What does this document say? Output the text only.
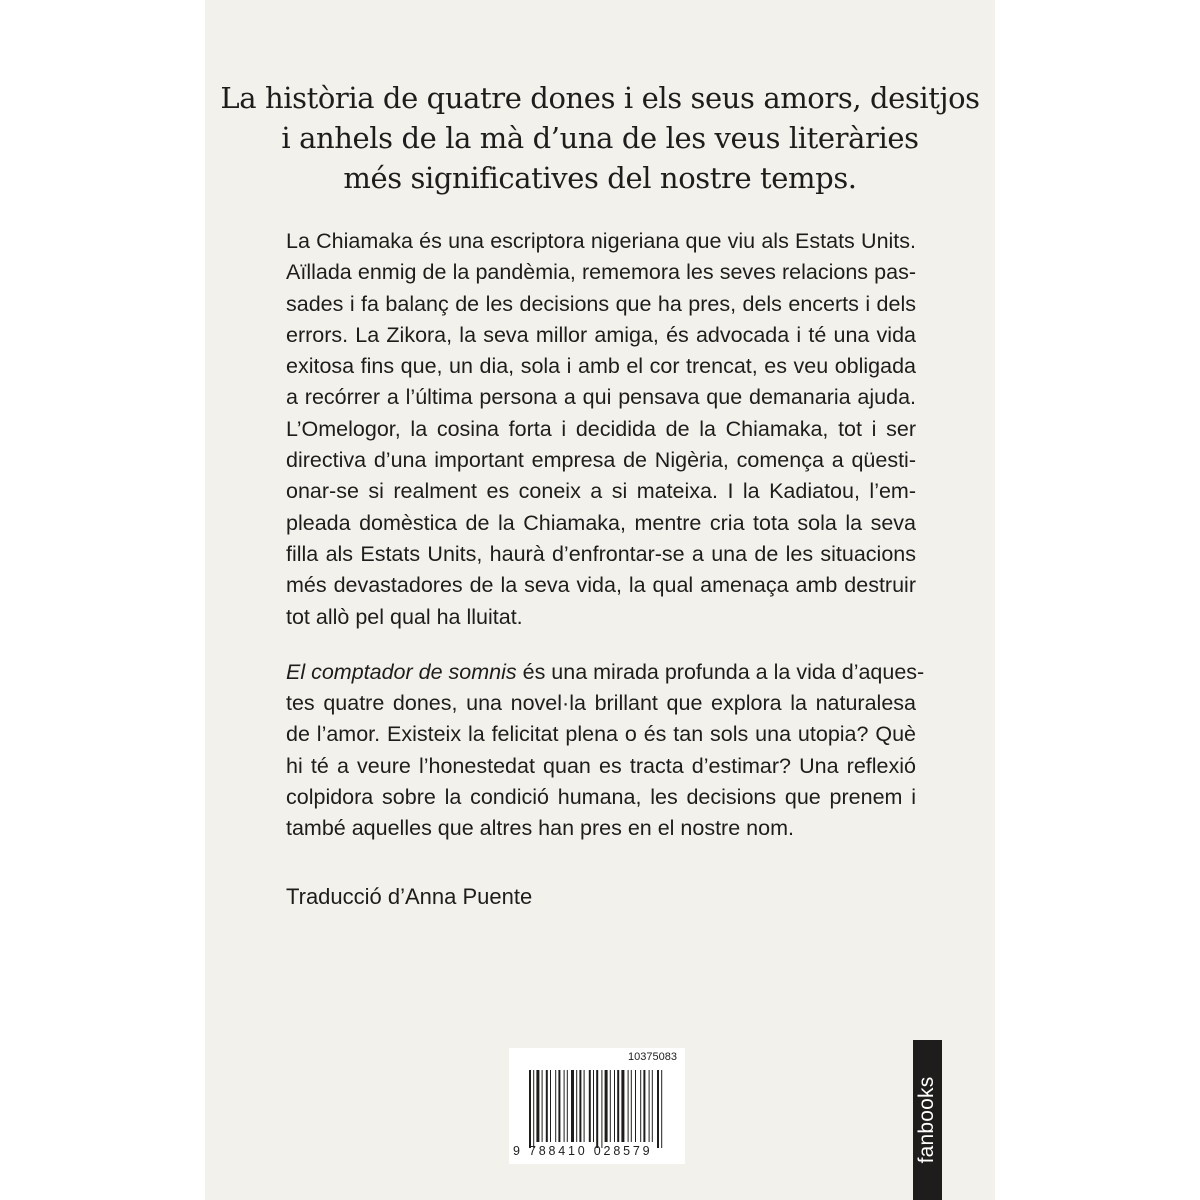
La història de quatre dones i els seus amors, desitjos
i anhels de la mà d’una de les veus literàries
més significatives del nostre temps.
La Chiamaka és una escriptora nigeriana que viu als Estats Units.
Aïllada enmig de la pandèmia, rememora les seves relacions pas-
sades i fa balanç de les decisions que ha pres, dels encerts i dels
errors. La Zikora, la seva millor amiga, és advocada i té una vida
exitosa fins que, un dia, sola i amb el cor trencat, es veu obligada
a recórrer a l’última persona a qui pensava que demanaria ajuda.
L’Omelogor, la cosina forta i decidida de la Chiamaka, tot i ser
directiva d’una important empresa de Nigèria, comença a qüesti-
onar-se si realment es coneix a si mateixa. I la Kadiatou, l’em-
pleada domèstica de la Chiamaka, mentre cria tota sola la seva
filla als Estats Units, haurà d’enfrontar-se a una de les situacions
més devastadores de la seva vida, la qual amenaça amb destruir
tot allò pel qual ha lluitat.
El comptador de somnis és una mirada profunda a la vida d’aques-
tes quatre dones, una novel·la brillant que explora la naturalesa
de l’amor. Existeix la felicitat plena o és tan sols una utopia? Què
hi té a veure l’honestedat quan es tracta d’estimar? Una reflexió
colpidora sobre la condició humana, les decisions que prenem i
també aquelles que altres han pres en el nostre nom.
Traducció d’Anna Puente
10375083
9 788410 028579	fanbooks
